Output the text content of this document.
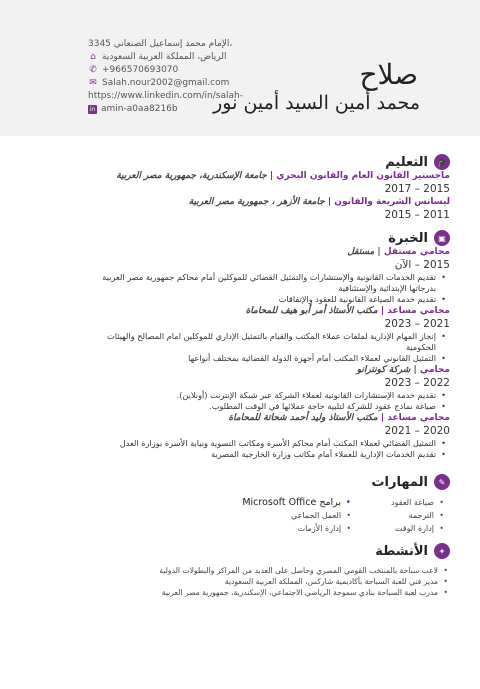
3345 الإمام محمد إسماعيل الصنعاني،
⌂ الرياض، المملكة العربية السعودية
✆ +966570693070
✉ Salah.nour2002@gmail.com
https://www.linkedin.com/in/salah-
in amin-a0aa8216b
صلاح
محمد أمين السيد أمين نور
🎓
التعليم
ماجستير القانون العام والقانون البحري | جامعة الإسكندرية، جمهورية مصر العربية
2015 – 2017
ليسانس الشريعة والقانون | جامعة الأزهر ، جمهورية مصر العربية
2011 – 2015
▣
الخبرة
محامي مستقل | مستقل
2015 – الآن
• تقديم الخدمات القانونية والإستشارات والتمثيل القضائي للموكلين أمام محاكم جمهورية مصر العربية بدرجاتها الإبتدائية والإستئنافية
• تقديم خدمة الصياغة القانونية للعقود والإتفاقات
محامي مساعد | مكتب الأستاذ أمر أبو هيف للمحاماة
2021 – 2023
• إنجاز المهام الإدارية لملفات عملاء المكتب والقيام بالتمثيل الإداري للموكلين امام المصالح والهيئات الحكومية
• التمثيل القانوني لعملاء المكتب أمام أجهزة الدولة القضائية بمختلف أنواعها
محامي | شركة كونترانو
2022 – 2023
• تقديم خدمة الإستشارات القانونية لعملاء الشركة عبر شبكة الإنترنت (أونلاين).
• صياغة نماذج عقود للشركة لتلبية حاجة عملائها في الوقت المطلوب.
محامي مساعد | مكتب الأستاذ وليد أحمد شحاتة للمحاماة
2020 – 2021
• التمثيل القضائي لعملاء المكتب أمام محاكم الأسرة ومكاتب التسوية ونيابة الأسرة بوزارة العدل
• تقديم الخدمات الإدارية للعملاء أمام مكاتب وزارة الخارجية المصرية
✎
المهارات
• صياغة العقود
• الترجمة
• إدارة الوقت
• برامج Microsoft Office
• العمل الجماعي
• إدارة الأزمات
✦
الأنشطة
• لاعب سباحة بالمنتخب القومي المصري وحاصل على العديد من المراكز والبطولات الدولية
• مدير فني للعبة السباحة بأكاديمية شاركس، المملكة العربية السعودية
• مدرب لعبة السباحة بنادي سموحة الرياضي الاجتماعي، الإسكندرية، جمهورية مصر العربية
